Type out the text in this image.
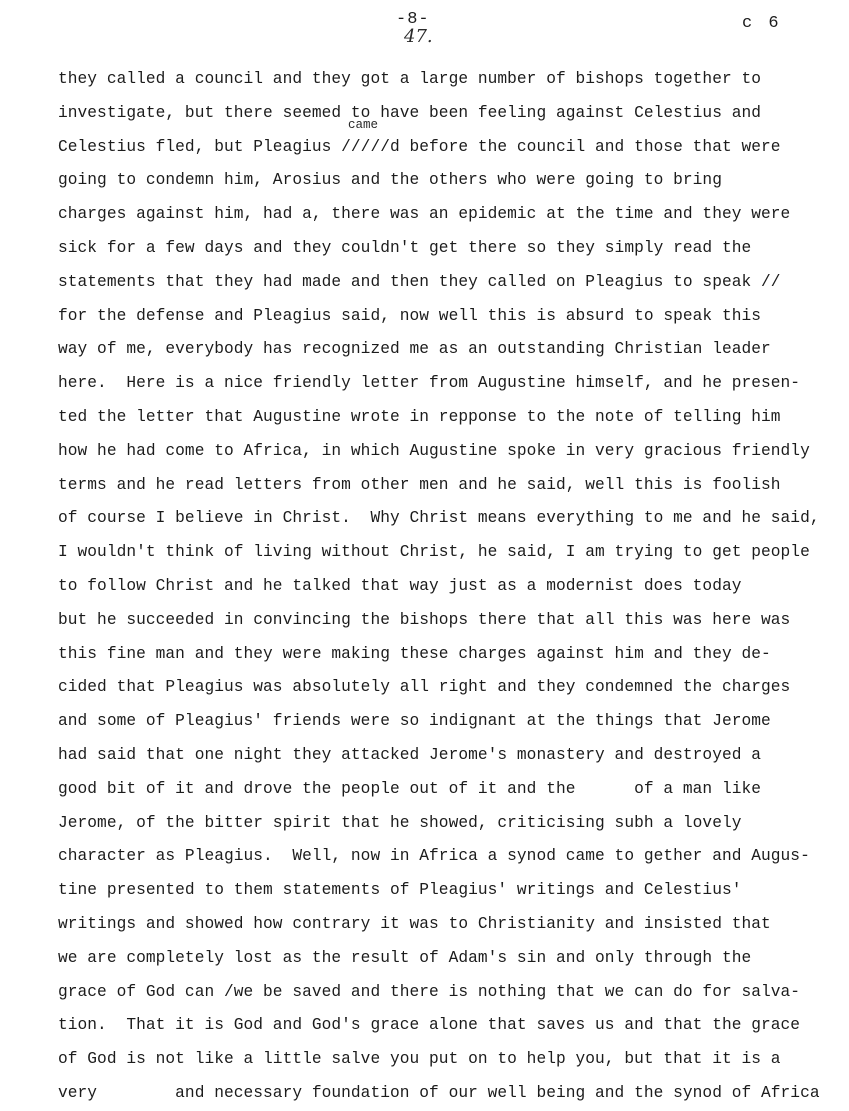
-8-
47.
c 6
came
they called a council and they got a large number of bishops together to
investigate, but there seemed to have been feeling against Celestius and
Celestius fled, but Pleagius /////d before the council and those that were
going to condemn him, Arosius and the others who were going to bring
charges against him, had a, there was an epidemic at the time and they were
sick for a few days and they couldn't get there so they simply read the
statements that they had made and then they called on Pleagius to speak //
for the defense and Pleagius said, now well this is absurd to speak this
way of me, everybody has recognized me as an outstanding Christian leader
here.  Here is a nice friendly letter from Augustine himself, and he presen-
ted the letter that Augustine wrote in repponse to the note of telling him
how he had come to Africa, in which Augustine spoke in very gracious friendly
terms and he read letters from other men and he said, well this is foolish
of course I believe in Christ.  Why Christ means everything to me and he said,
I wouldn't think of living without Christ, he said, I am trying to get people
to follow Christ and he talked that way just as a modernist does today
but he succeeded in convincing the bishops there that all this was here was
this fine man and they were making these charges against him and they de-
cided that Pleagius was absolutely all right and they condemned the charges
and some of Pleagius' friends were so indignant at the things that Jerome
had said that one night they attacked Jerome's monastery and destroyed a
good bit of it and drove the people out of it and the      of a man like
Jerome, of the bitter spirit that he showed, criticising subh a lovely
character as Pleagius.  Well, now in Africa a synod came to gether and Augus-
tine presented to them statements of Pleagius' writings and Celestius'
writings and showed how contrary it was to Christianity and insisted that
we are completely lost as the result of Adam's sin and only through the
grace of God can /we be saved and there is nothing that we can do for salva-
tion.  That it is God and God's grace alone that saves us and that the grace
of God is not like a little salve you put on to help you, but that it is a
very        and necessary foundation of our well being and the synod of Africa
